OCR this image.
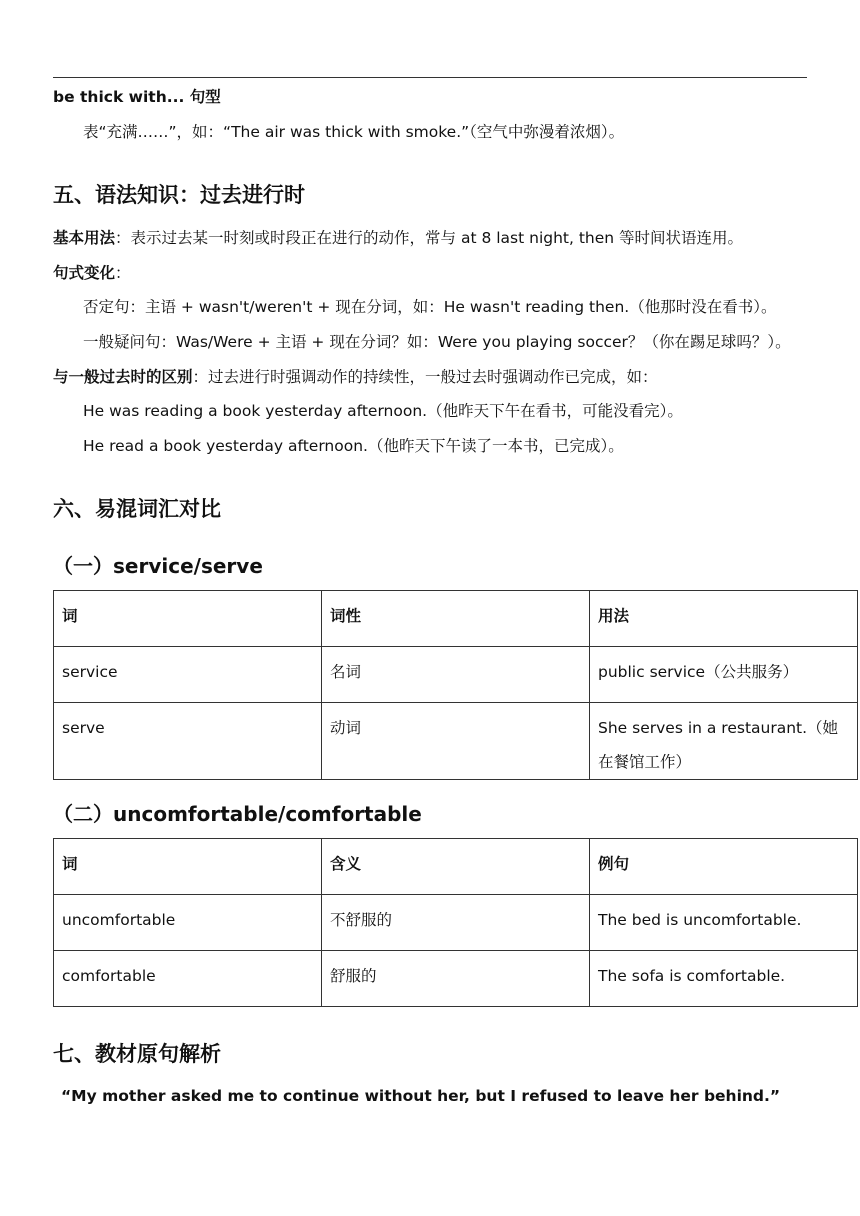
be thick with... 句型
表“充满……”，如：“The air was thick with smoke.”（空气中弥漫着浓烟）。
五、语法知识：过去进行时
基本用法：表示过去某一时刻或时段正在进行的动作，常与 at 8 last night, then 等时间状语连用。
句式变化：
否定句：主语 + wasn't/weren't + 现在分词，如：He wasn't reading then.（他那时没在看书）。
一般疑问句：Was/Were + 主语 + 现在分词？如：Were you playing soccer？（你在踢足球吗？）。
与一般过去时的区别：过去进行时强调动作的持续性，一般过去时强调动作已完成，如：
He was reading a book yesterday afternoon.（他昨天下午在看书，可能没看完）。
He read a book yesterday afternoon.（他昨天下午读了一本书，已完成）。
六、易混词汇对比
（一）service/serve
词	词性	用法
service	名词	public service（公共服务）
serve	动词	She serves in a restaurant.（她在餐馆工作）
（二）uncomfortable/comfortable
词	含义	例句
uncomfortable	不舒服的	The bed is uncomfortable.
comfortable	舒服的	The sofa is comfortable.
七、教材原句解析
“My mother asked me to continue without her, but I refused to leave her behind.”
